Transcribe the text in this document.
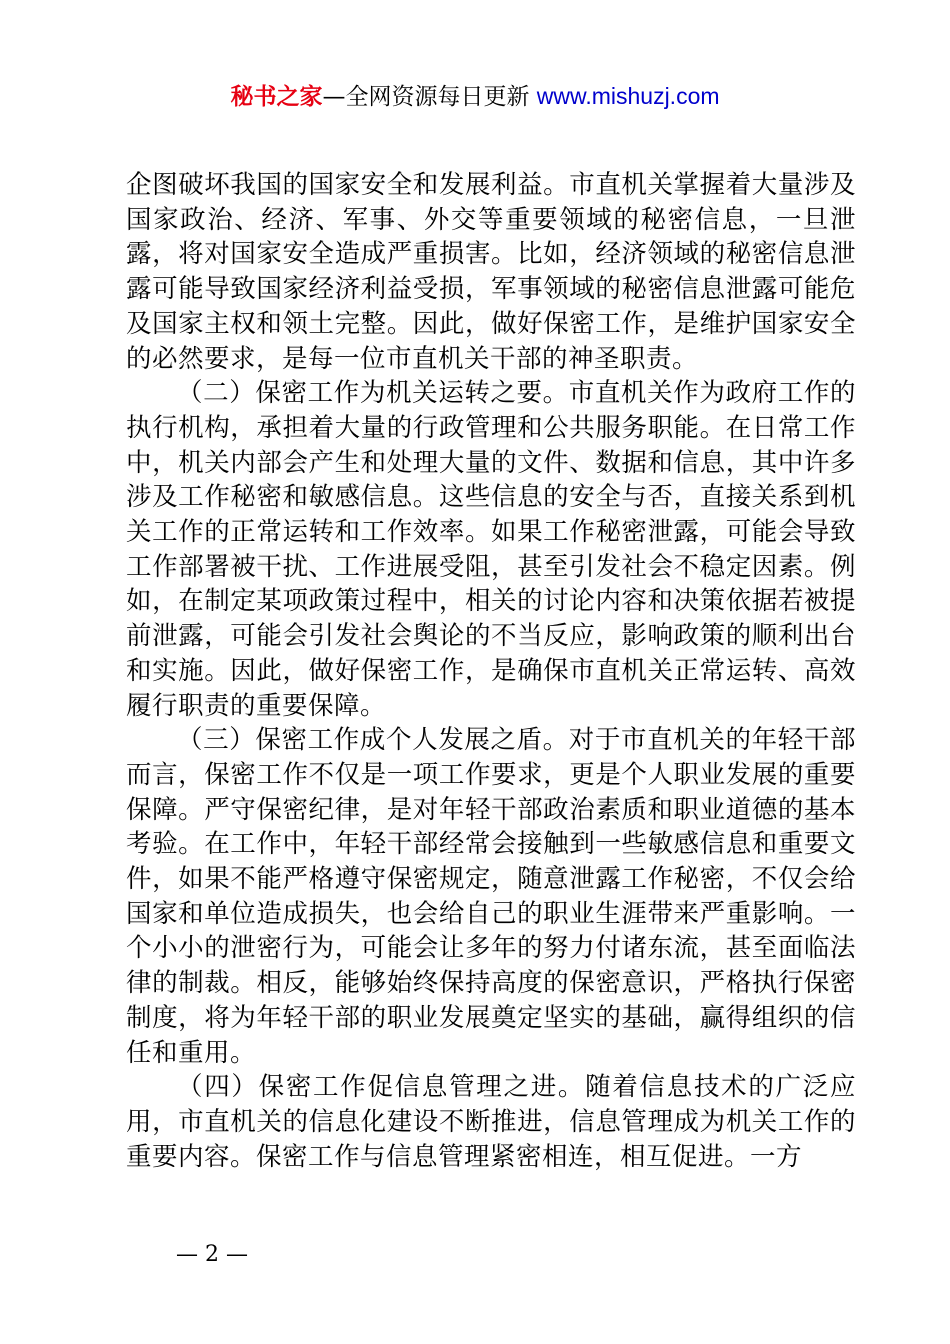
秘书之家—全网资源每日更新 www.mishuzj.com

企图破坏我国的国家安全和发展利益。市直机关掌握着大量涉及国家政治、经济、军事、外交等重要领域的秘密信息，一旦泄露，将对国家安全造成严重损害。比如，经济领域的秘密信息泄露可能导致国家经济利益受损，军事领域的秘密信息泄露可能危及国家主权和领土完整。因此，做好保密工作，是维护国家安全的必然要求，是每一位市直机关干部的神圣职责。

（二）保密工作为机关运转之要。市直机关作为政府工作的执行机构，承担着大量的行政管理和公共服务职能。在日常工作中，机关内部会产生和处理大量的文件、数据和信息，其中许多涉及工作秘密和敏感信息。这些信息的安全与否，直接关系到机关工作的正常运转和工作效率。如果工作秘密泄露，可能会导致工作部署被干扰、工作进展受阻，甚至引发社会不稳定因素。例如，在制定某项政策过程中，相关的讨论内容和决策依据若被提前泄露，可能会引发社会舆论的不当反应，影响政策的顺利出台和实施。因此，做好保密工作，是确保市直机关正常运转、高效履行职责的重要保障。

（三）保密工作成个人发展之盾。对于市直机关的年轻干部而言，保密工作不仅是一项工作要求，更是个人职业发展的重要保障。严守保密纪律，是对年轻干部政治素质和职业道德的基本考验。在工作中，年轻干部经常会接触到一些敏感信息和重要文件，如果不能严格遵守保密规定，随意泄露工作秘密，不仅会给国家和单位造成损失，也会给自己的职业生涯带来严重影响。一个小小的泄密行为，可能会让多年的努力付诸东流，甚至面临法律的制裁。相反，能够始终保持高度的保密意识，严格执行保密制度，将为年轻干部的职业发展奠定坚实的基础，赢得组织的信任和重用。

（四）保密工作促信息管理之进。随着信息技术的广泛应用，市直机关的信息化建设不断推进，信息管理成为机关工作的重要内容。保密工作与信息管理紧密相连，相互促进。一方

— 2 —
